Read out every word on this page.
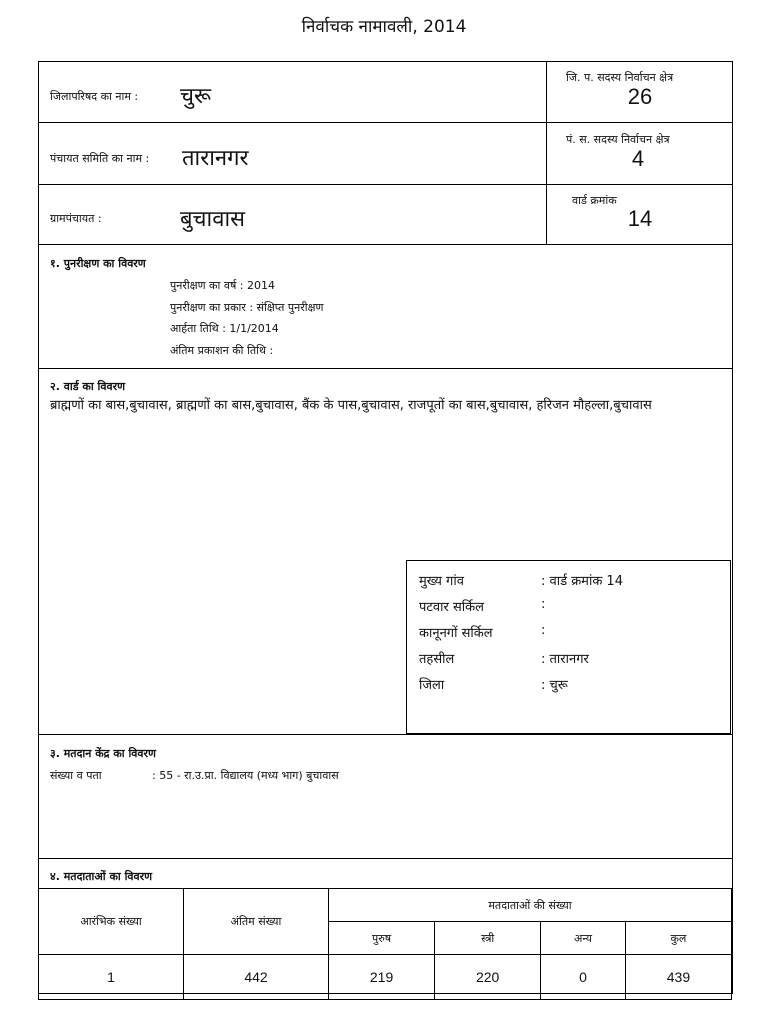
निर्वाचक नामावली, 2014
जिलापरिषद का नाम : चुरू
जि. प. सदस्य निर्वाचन क्षेत्र
26
पंचायत समिति का नाम : तारानगर
पं. स. सदस्य निर्वाचन क्षेत्र
4
ग्रामपंचायत :	बुचावास
वार्ड क्रमांक
14
१. पुनरीक्षण का विवरण
पुनरीक्षण का वर्ष : 2014
पुनरीक्षण का प्रकार : संक्षिप्त पुनरीक्षण
आर्हता तिथि : 1/1/2014
अंतिम प्रकाशन की तिथि :
२. वार्ड का विवरण
ब्राह्मणों का बास,बुचावास, ब्राह्मणों का बास,बुचावास, बैंक के पास,बुचावास, राजपूतों का बास,बुचावास, हरिजन मौहल्ला,बुचावास
मुख्य गांव	: वार्ड क्रमांक 14
पटवार सर्किल	:
कानूनगों सर्किल	:
तहसील	: तारानगर
जिला	: चुरू
३. मतदान केंद्र का विवरण
संख्या व पता	: 55 - रा.उ.प्रा. विद्यालय (मध्य भाग) बुचावास
४. मतदाताओं का विवरण
आरंभिक संख्या	अंतिम संख्या	मतदाताओं की संख्या			
		पुरुष	स्त्री	अन्य	कुल
1	442	219	220	0	439
